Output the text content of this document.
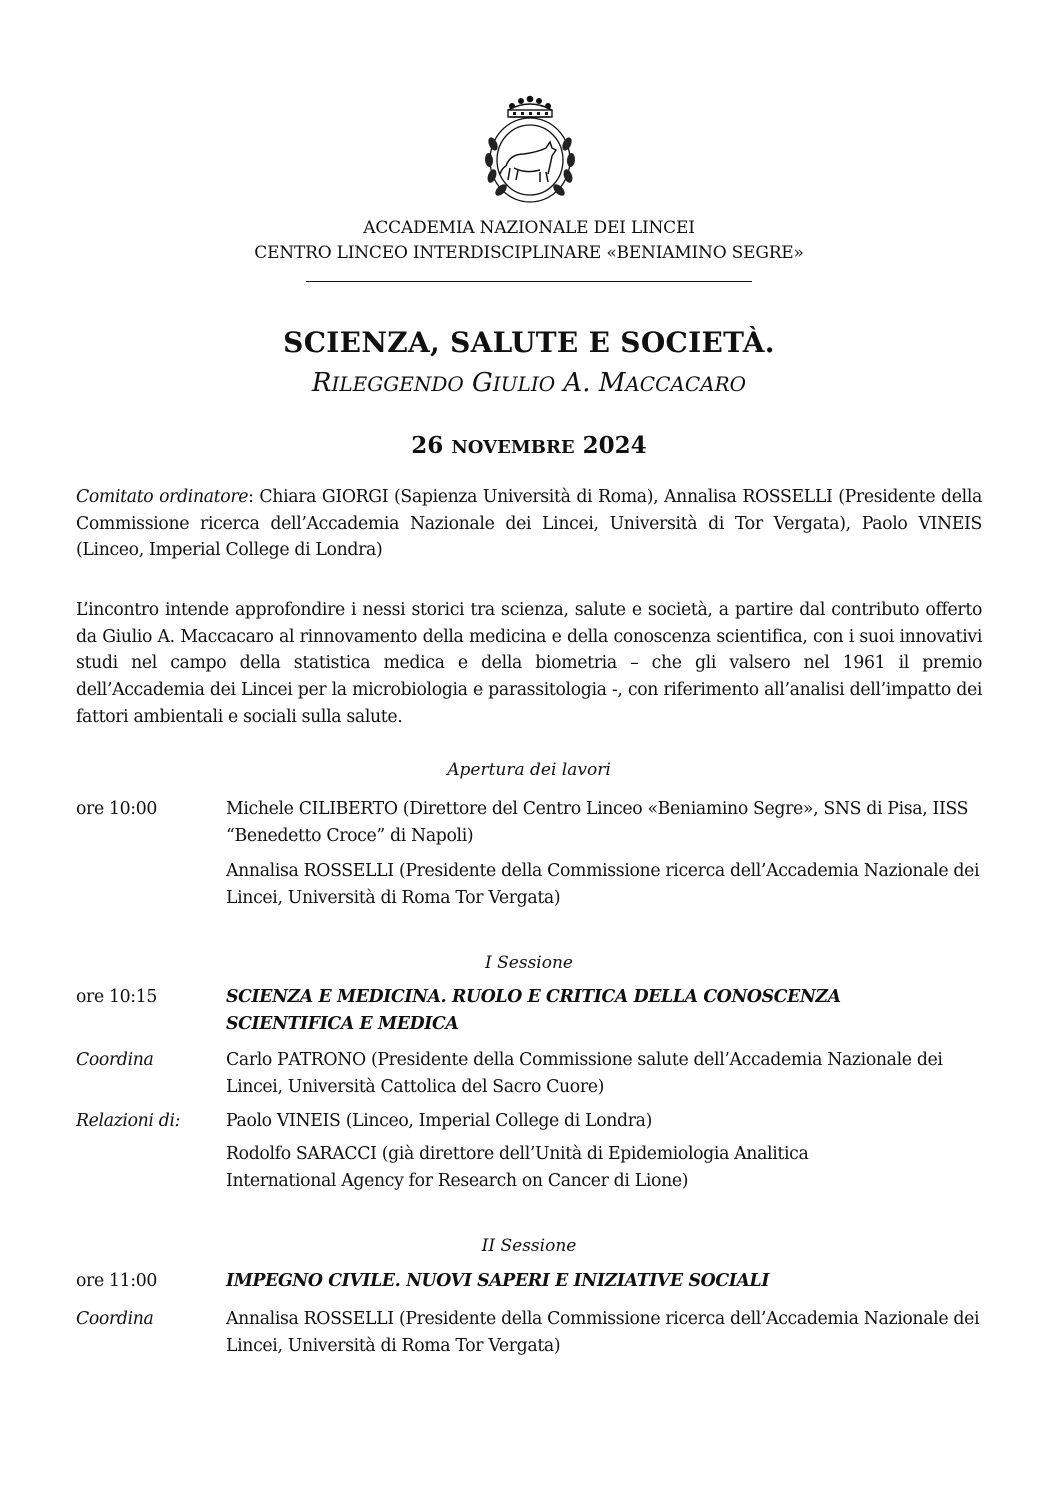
ACCADEMIA NAZIONALE DEI LINCEI
CENTRO LINCEO INTERDISCIPLINARE «BENIAMINO SEGRE»
SCIENZA, SALUTE E SOCIETÀ.
RILEGGENDO GIULIO A. MACCACARO
26 NOVEMBRE 2024

Comitato ordinatore: Chiara GIORGI (Sapienza Università di Roma), Annalisa ROSSELLI (Presidente della Commissione ricerca dell’Accademia Nazionale dei Lincei, Università di Tor Vergata), Paolo VINEIS (Linceo, Imperial College di Londra)

L’incontro intende approfondire i nessi storici tra scienza, salute e società, a partire dal contributo offerto da Giulio A. Maccacaro al rinnovamento della medicina e della conoscenza scientifica, con i suoi innovativi studi nel campo della statistica medica e della biometria – che gli valsero nel 1961 il premio dell’Accademia dei Lincei per la microbiologia e parassitologia -, con riferimento all’analisi dell’impatto dei fattori ambientali e sociali sulla salute.

Apertura dei lavori
ore 10:00	Michele CILIBERTO (Direttore del Centro Linceo «Beniamino Segre», SNS di Pisa, IISS “Benedetto Croce” di Napoli)
Annalisa ROSSELLI (Presidente della Commissione ricerca dell’Accademia Nazionale dei Lincei, Università di Roma Tor Vergata)
I Sessione
ore 10:15	SCIENZA E MEDICINA. RUOLO E CRITICA DELLA CONOSCENZA
SCIENTIFICA E MEDICA
Coordina	Carlo PATRONO (Presidente della Commissione salute dell’Accademia Nazionale dei Lincei, Università Cattolica del Sacro Cuore)
Relazioni di:	Paolo VINEIS (Linceo, Imperial College di Londra)
Rodolfo SARACCI (già direttore dell’Unità di Epidemiologia Analitica International Agency for Research on Cancer di Lione)
II Sessione
ore 11:00	IMPEGNO CIVILE. NUOVI SAPERI E INIZIATIVE SOCIALI
Coordina	Annalisa ROSSELLI (Presidente della Commissione ricerca dell’Accademia Nazionale dei Lincei, Università di Roma Tor Vergata)
